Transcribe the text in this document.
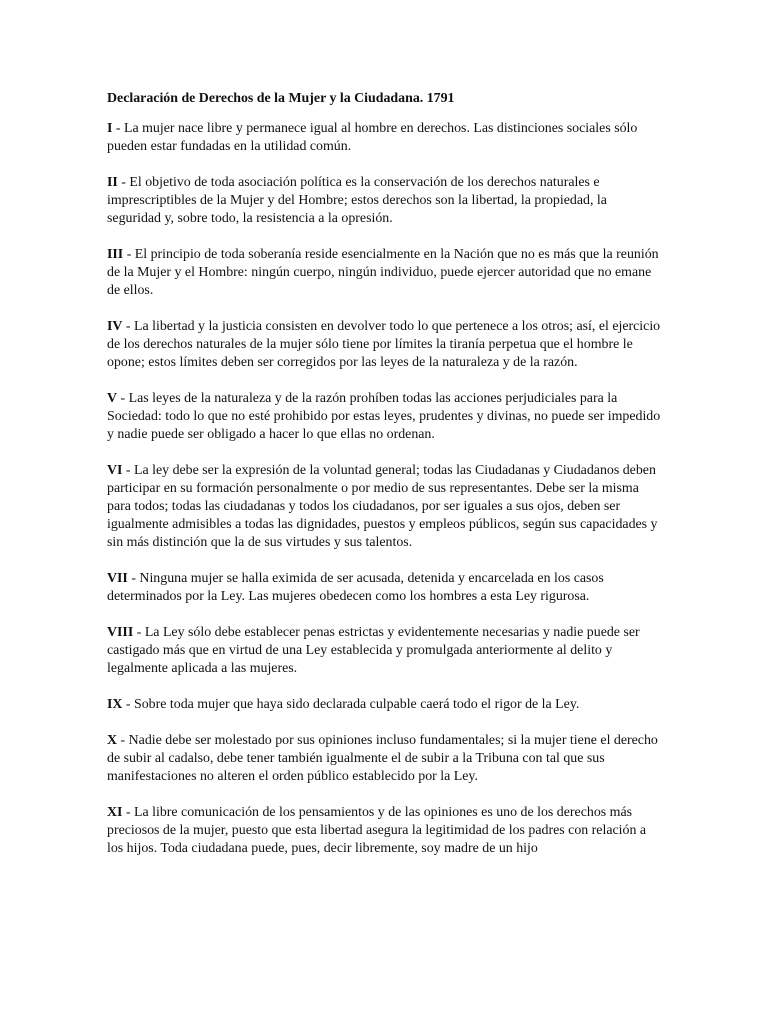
Declaración de Derechos de la Mujer y la Ciudadana. 1791

I - La mujer nace libre y permanece igual al hombre en derechos. Las distinciones sociales sólo pueden estar fundadas en la utilidad común.

II - El objetivo de toda asociación política es la conservación de los derechos naturales e imprescriptibles de la Mujer y del Hombre; estos derechos son la libertad, la propiedad, la seguridad y, sobre todo, la resistencia a la opresión.

III - El principio de toda soberanía reside esencialmente en la Nación que no es más que la reunión de la Mujer y el Hombre: ningún cuerpo, ningún individuo, puede ejercer autoridad que no emane de ellos.

IV - La libertad y la justicia consisten en devolver todo lo que pertenece a los otros; así, el ejercicio de los derechos naturales de la mujer sólo tiene por límites la tiranía perpetua que el hombre le opone; estos límites deben ser corregidos por las leyes de la naturaleza y de la razón.

V - Las leyes de la naturaleza y de la razón prohíben todas las acciones perjudiciales para la Sociedad: todo lo que no esté prohibido por estas leyes, prudentes y divinas, no puede ser impedido y nadie puede ser obligado a hacer lo que ellas no ordenan.

VI - La ley debe ser la expresión de la voluntad general; todas las Ciudadanas y Ciudadanos deben participar en su formación personalmente o por medio de sus representantes. Debe ser la misma para todos; todas las ciudadanas y todos los ciudadanos, por ser iguales a sus ojos, deben ser igualmente admisibles a todas las dignidades, puestos y empleos públicos, según sus capacidades y sin más distinción que la de sus virtudes y sus talentos.

VII - Ninguna mujer se halla eximida de ser acusada, detenida y encarcelada en los casos determinados por la Ley. Las mujeres obedecen como los hombres a esta Ley rigurosa.

VIII - La Ley sólo debe establecer penas estrictas y evidentemente necesarias y nadie puede ser castigado más que en virtud de una Ley establecida y promulgada anteriormente al delito y legalmente aplicada a las mujeres.

IX - Sobre toda mujer que haya sido declarada culpable caerá todo el rigor de la Ley.

X - Nadie debe ser molestado por sus opiniones incluso fundamentales; si la mujer tiene el derecho de subir al cadalso, debe tener también igualmente el de subir a la Tribuna con tal que sus manifestaciones no alteren el orden público establecido por la Ley.

XI - La libre comunicación de los pensamientos y de las opiniones es uno de los derechos más preciosos de la mujer, puesto que esta libertad asegura la legitimidad de los padres con relación a los hijos. Toda ciudadana puede, pues, decir libremente, soy madre de un hijo
